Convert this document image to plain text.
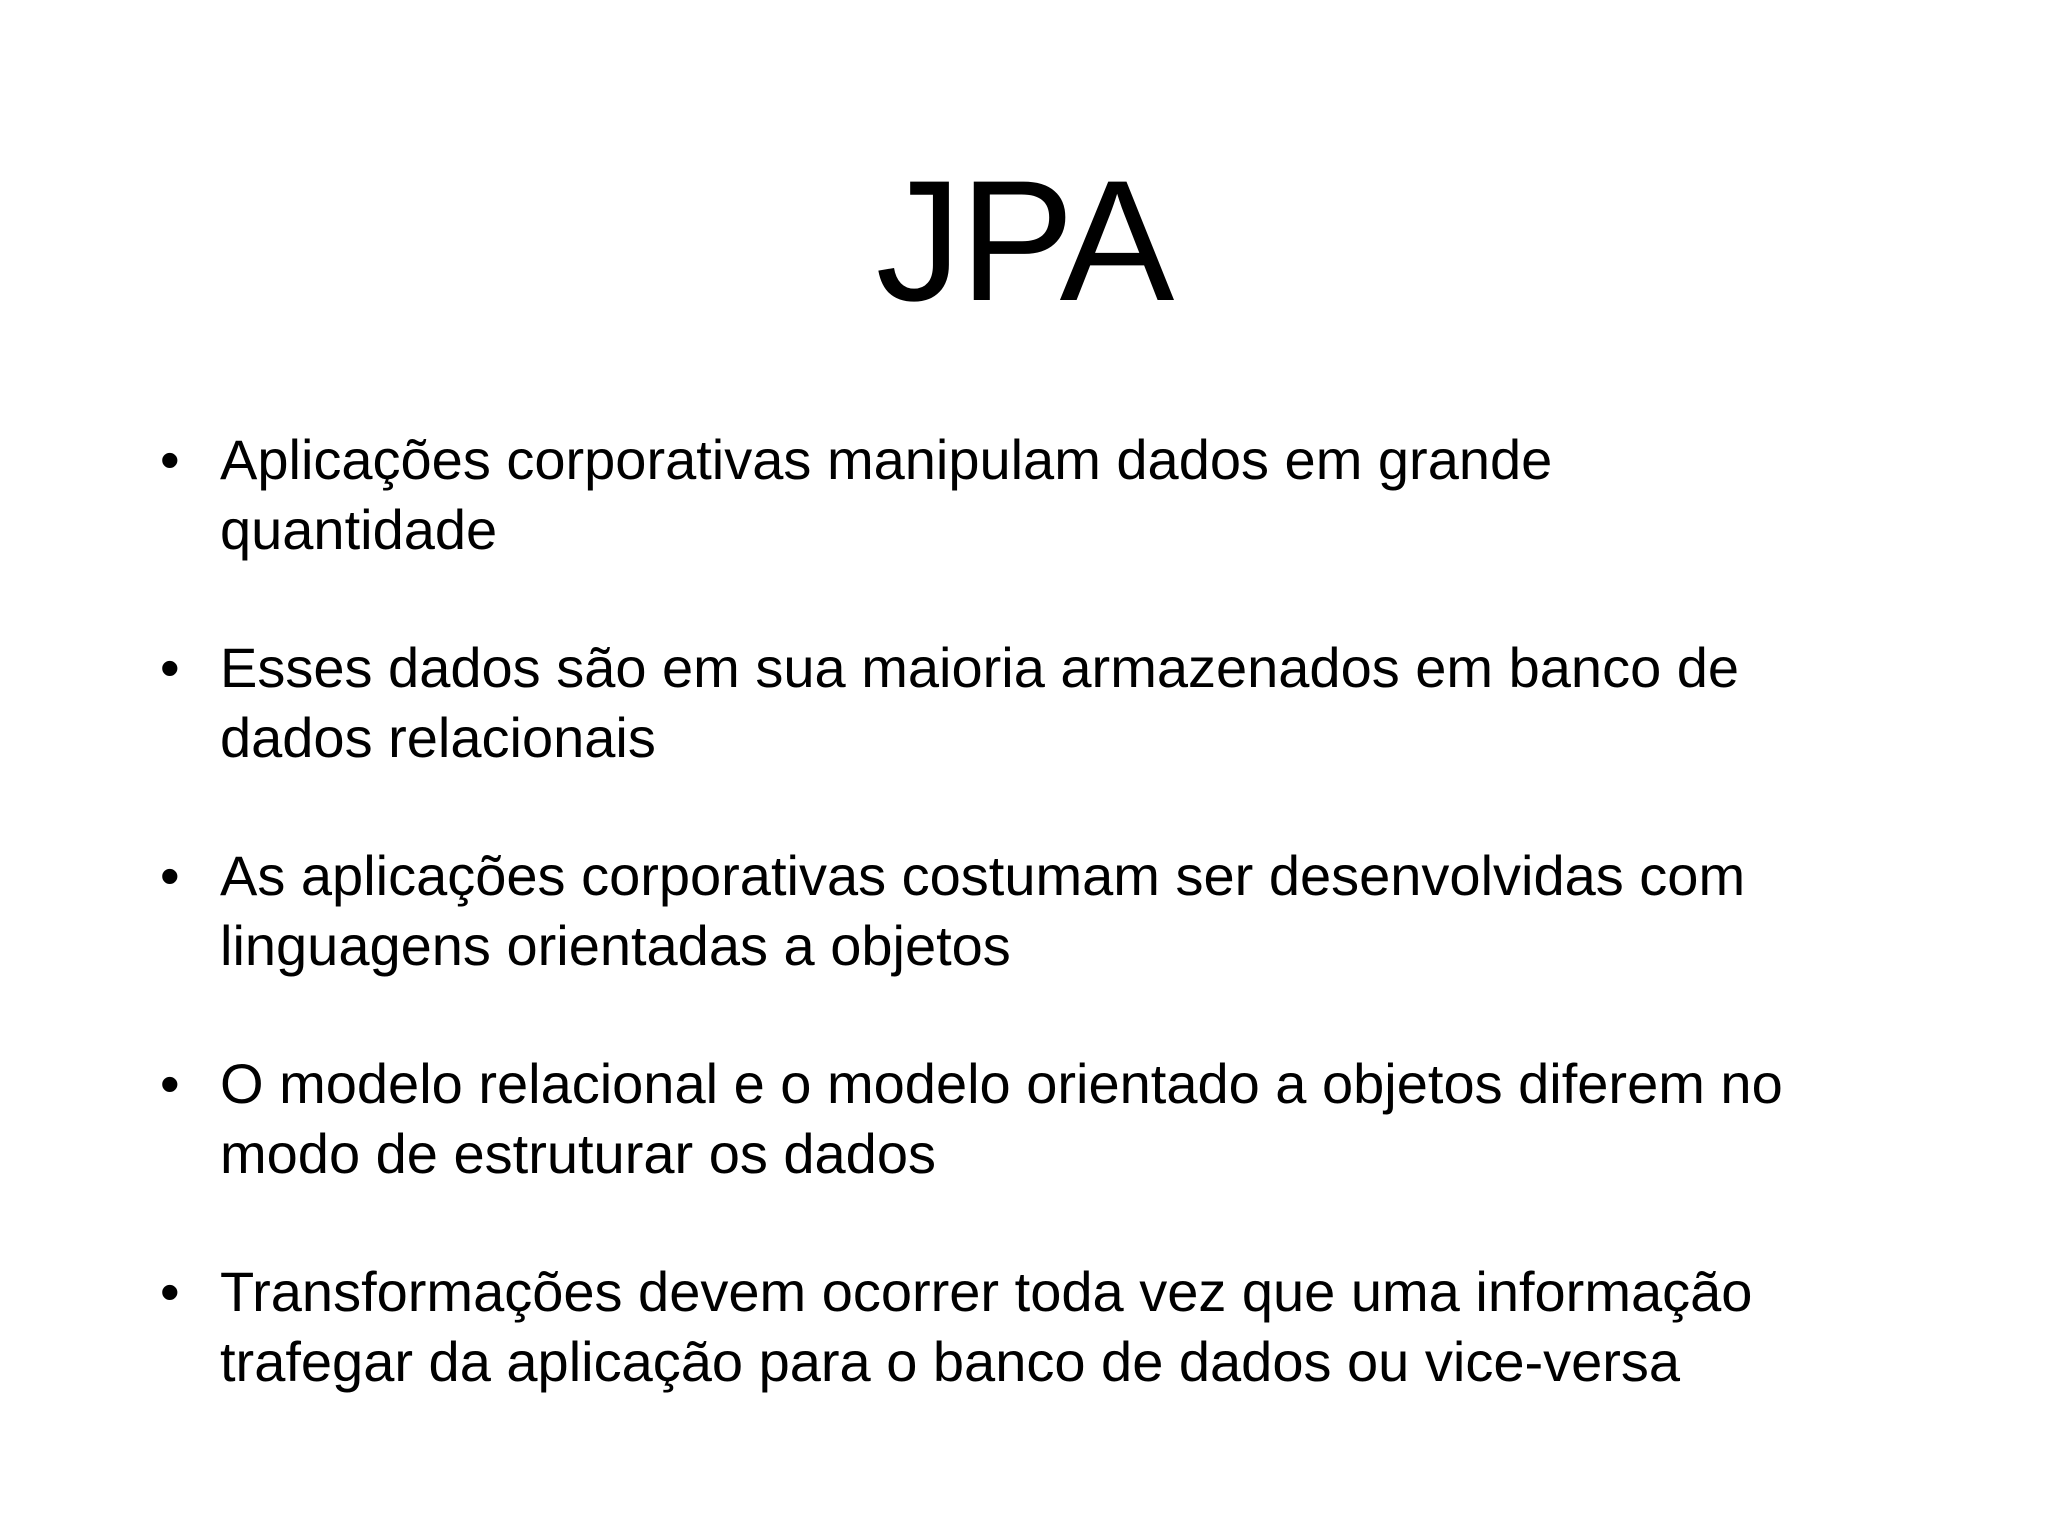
JPA
• Aplicações corporativas manipulam dados em grande
quantidade
• Esses dados são em sua maioria armazenados em banco de
dados relacionais
• As aplicações corporativas costumam ser desenvolvidas com
linguagens orientadas a objetos
• O modelo relacional e o modelo orientado a objetos diferem no
modo de estruturar os dados
• Transformações devem ocorrer toda vez que uma informação
trafegar da aplicação para o banco de dados ou vice-versa
